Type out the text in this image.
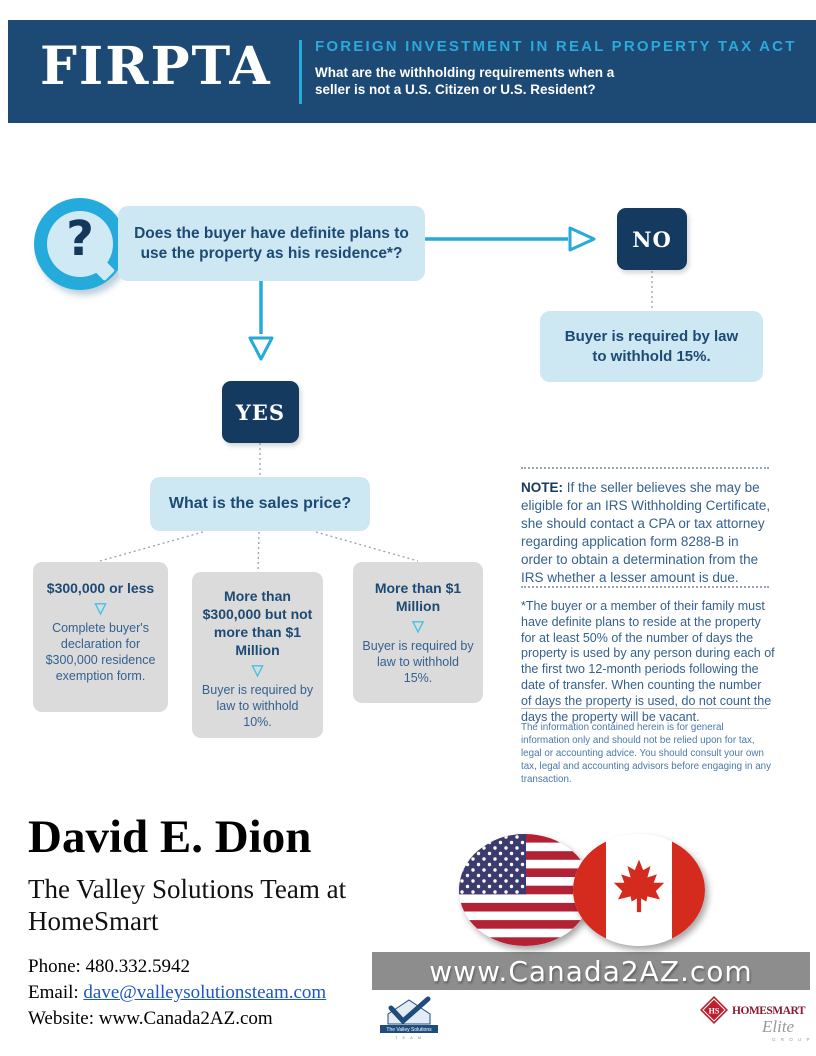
FIRPTA	FOREIGN INVESTMENT IN REAL PROPERTY TAX ACT
What are the withholding requirements when a
seller is not a U.S. Citizen or U.S. Resident?
?	Does the buyer have definite plans to use the property as his residence*?
NO
Buyer is required by law to withhold 15%.
YES
What is the sales price?
$300,000 or less
▽
Complete buyer's declaration for $300,000 residence exemption form.
More than $300,000 but not more than $1 Million
▽
Buyer is required by law to withhold 10%.
More than $1 Million
▽
Buyer is required by law to withhold 15%.

NOTE: If the seller believes she may be eligible for an IRS Withholding Certificate, she should contact a CPA or tax attorney regarding application form 8288-B in order to obtain a determination from the IRS whether a lesser amount is due.

*The buyer or a member of their family must have definite plans to reside at the property for at least 50% of the number of days the property is used by any person during each of the first two 12-month periods following the date of transfer. When counting the number of days the property is used, do not count the days the property will be vacant.

The information contained herein is for general information only and should not be relied upon for tax, legal or accounting advice. You should consult your own tax, legal and accounting advisors before engaging in any transaction.

David E. Dion
The Valley Solutions Team at
HomeSmart
Phone: 480.332.5942
Email: dave@valleysolutionsteam.com
Website: www.Canada2AZ.com
www.Canada2AZ.com
The Valley Solutions
T E A M
HS HOMESMART
Elite
G R O U P
